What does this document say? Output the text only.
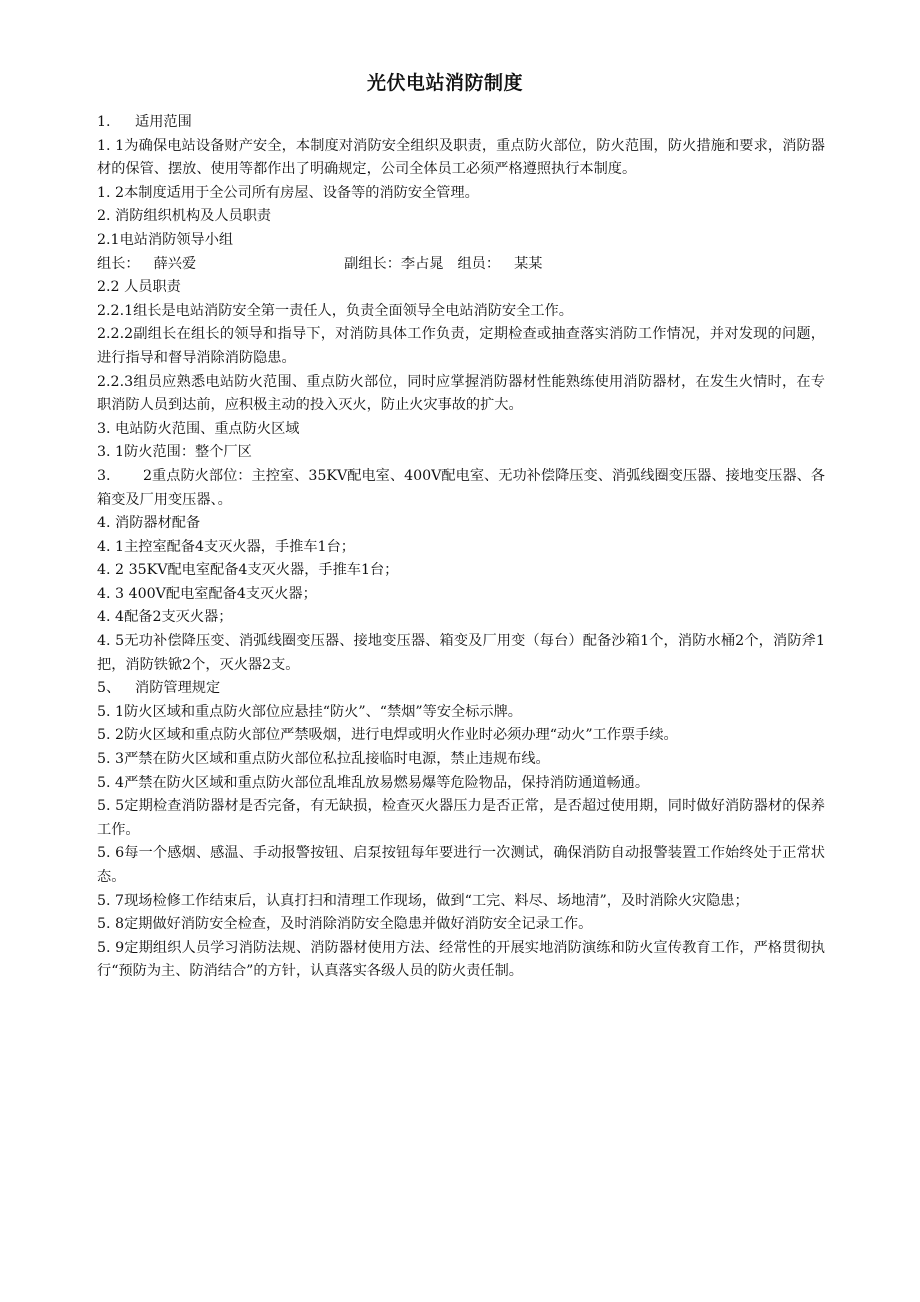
光伏电站消防制度

1. 适用范围

1. 1为确保电站设备财产安全，本制度对消防安全组织及职责，重点防火部位，防火范围，防火措施和要求，消防器材的保管、摆放、使用等都作出了明确规定，公司全体员工必须严格遵照执行本制度。

1. 2本制度适用于全公司所有房屋、设备等的消防安全管理。

2. 消防组织机构及人员职责

2.1电站消防领导小组

组长： 薛兴爱	副组长：李占晁 组员： 某某

2.2 人员职责

2.2.1组长是电站消防安全第一责任人，负责全面领导全电站消防安全工作。

2.2.2副组长在组长的领导和指导下，对消防具体工作负责，定期检查或抽查落实消防工作情况，并对发现的问题，进行指导和督导消除消防隐患。

2.2.3组员应熟悉电站防火范围、重点防火部位，同时应掌握消防器材性能熟练使用消防器材，在发生火情时，在专职消防人员到达前，应积极主动的投入灭火，防止火灾事故的扩大。

3. 电站防火范围、重点防火区域

3. 1防火范围：整个厂区

3. 2重点防火部位：主控室、35KV配电室、400V配电室、无功补偿降压变、消弧线圈变压器、接地变压器、各箱变及厂用变压器、。

4. 消防器材配备

4. 1主控室配备4支灭火器，手推车1台；

4. 2 35KV配电室配备4支灭火器，手推车1台；

4. 3 400V配电室配备4支灭火器；

4. 4配备2支灭火器；

4. 5无功补偿降压变、消弧线圈变压器、接地变压器、箱变及厂用变（每台）配备沙箱1个，消防水桶2个，消防斧1把，消防铁锨2个，灭火器2支。

5、 消防管理规定

5. 1防火区域和重点防火部位应悬挂“防火”、“禁烟”等安全标示牌。

5. 2防火区域和重点防火部位严禁吸烟，进行电焊或明火作业时必须办理“动火”工作票手续。

5. 3严禁在防火区域和重点防火部位私拉乱接临时电源，禁止违规布线。

5. 4严禁在防火区域和重点防火部位乱堆乱放易燃易爆等危险物品，保持消防通道畅通。

5. 5定期检查消防器材是否完备，有无缺损，检查灭火器压力是否正常，是否超过使用期，同时做好消防器材的保养工作。

5. 6每一个感烟、感温、手动报警按钮、启泵按钮每年要进行一次测试，确保消防自动报警装置工作始终处于正常状态。

5. 7现场检修工作结束后，认真打扫和清理工作现场，做到“工完、料尽、场地清”，及时消除火灾隐患；

5. 8定期做好消防安全检查，及时消除消防安全隐患并做好消防安全记录工作。

5. 9定期组织人员学习消防法规、消防器材使用方法、经常性的开展实地消防演练和防火宣传教育工作，严格贯彻执行“预防为主、防消结合”的方针，认真落实各级人员的防火责任制。
